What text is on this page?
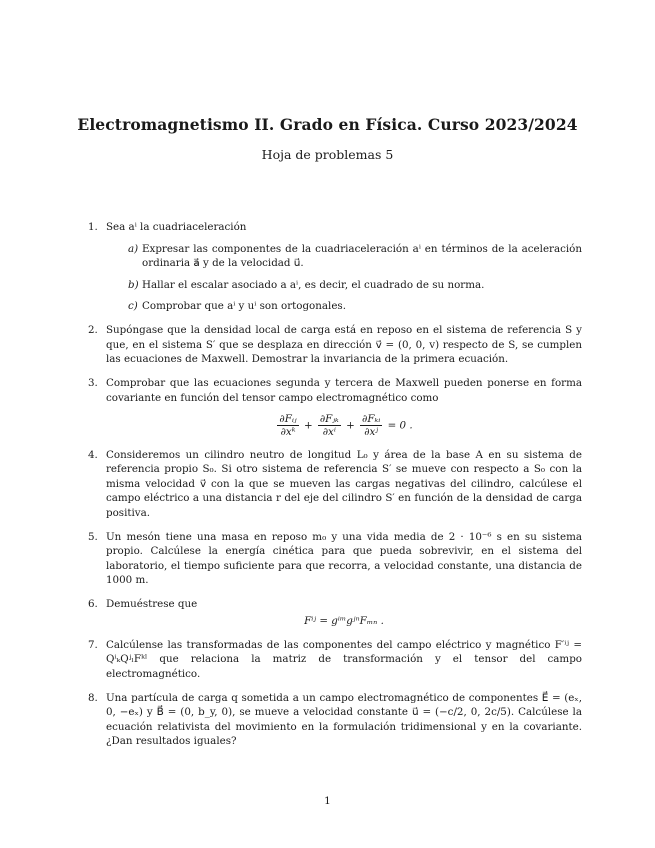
Electromagnetismo II. Grado en Física. Curso 2023/2024
Hoja de problemas 5
1. Sea aⁱ la cuadriaceleración
a) Expresar las componentes de la cuadriaceleración aⁱ en términos de la aceleración ordinaria a⃗ y de la velocidad u⃗.
b) Hallar el escalar asociado a aⁱ, es decir, el cuadrado de su norma.
c) Comprobar que aⁱ y uⁱ son ortogonales.
2. Supóngase que la densidad local de carga está en reposo en el sistema de referencia S y que, en el sistema S′ que se desplaza en dirección v⃗ = (0, 0, v) respecto de S, se cumplen las ecuaciones de Maxwell. Demostrar la invariancia de la primera ecuación.
3. Comprobar que las ecuaciones segunda y tercera de Maxwell pueden ponerse en forma covariante en función del tensor campo electromagnético como
$\frac{\text{∂Fᵢⱼ}}{\text{∂xᵏ}} + \frac{\text{∂Fⱼₖ}}{\text{∂xⁱ}} + \frac{\text{∂Fₖᵢ}}{\text{∂xʲ}} = 0$ .
4. Consideremos un cilindro neutro de longitud L₀ y área de la base A en su sistema de referencia propio S₀. Si otro sistema de referencia S′ se mueve con respecto a S₀ con la misma velocidad v⃗ con la que se mueven las cargas negativas del cilindro, calcúlese el campo eléctrico a una distancia r del eje del cilindro S′ en función de la densidad de carga positiva.
5. Un mesón tiene una masa en reposo m₀ y una vida media de 2 · 10⁻⁶ s en su sistema propio. Calcúlese la energía cinética para que pueda sobrevivir, en el sistema del laboratorio, el tiempo suficiente para que recorra, a velocidad constante, una distancia de 1000 m.
6. Demuéstrese que
Fⁱʲ = gⁱᵐgʲⁿFₘₙ .
7. Calcúlense las transformadas de las componentes del campo eléctrico y magnético F′ⁱʲ = QⁱₖQʲₗFᵏˡ que relaciona la matriz de transformación y el tensor del campo electromagnético.
8. Una partícula de carga q sometida a un campo electromagnético de componentes E⃗ = (eₓ, 0, −eₓ) y B⃗ = (0, b_y, 0), se mueve a velocidad constante u⃗ = (−c/2, 0, 2c/5). Calcúlese la ecuación relativista del movimiento en la formulación tridimensional y en la covariante. ¿Dan resultados iguales?
1
